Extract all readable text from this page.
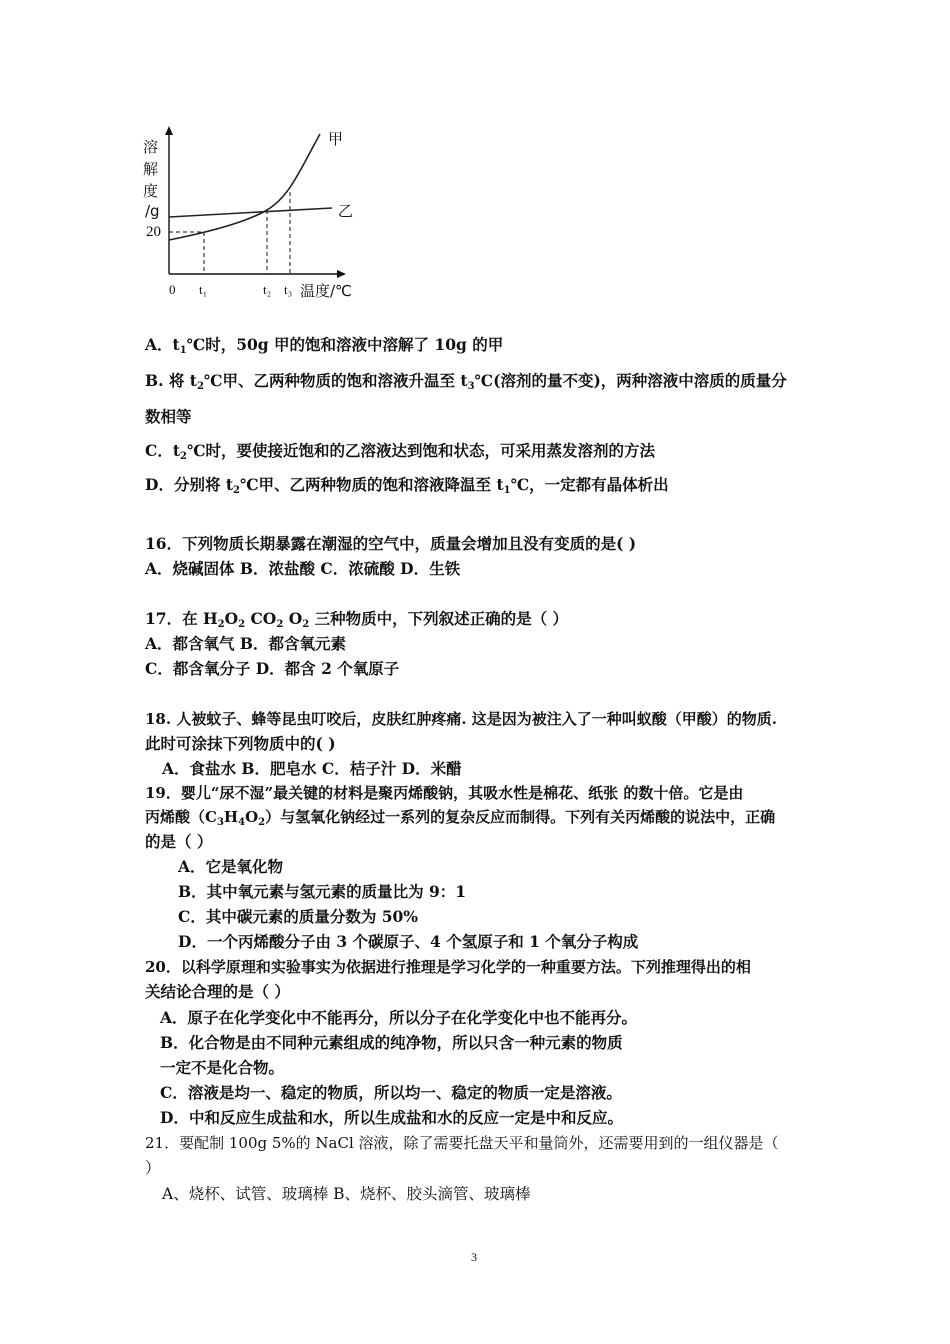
溶
解
度
/g
20
0 t₁	t₂ t₃ 温度/℃
甲
乙
A．$t_1℃$时，50g 甲的饱和溶液中溶解了 10g 的甲
B. 将 $t_2℃$甲、乙两种物质的饱和溶液升温至 $t_3℃$(溶剂的量不变)，两种溶液中溶质的质量分
数相等
C．$t_2℃$时，要使接近饱和的乙溶液达到饱和状态，可采用蒸发溶剂的方法
D．分别将 $t_2℃$甲、乙两种物质的饱和溶液降温至 $t_1℃$，一定都有晶体析出
16．下列物质长期暴露在潮湿的空气中，质量会增加且没有变质的是( )
A．烧碱固体 B．浓盐酸 C．浓硫酸 D．生铁
17．在 $H_2O_2$ $CO_2$ $O_2$ 三种物质中，下列叙述正确的是（ ）
A．都含氧气 B．都含氧元素
C．都含氧分子 D．都含 2 个氧原子
18. 人被蚊子、蜂等昆虫叮咬后，皮肤红肿疼痛. 这是因为被注入了一种叫蚁酸（甲酸）的物质.
此时可涂抹下列物质中的( )
A．食盐水 B．肥皂水 C．桔子汁 D．米醋
19．婴儿“尿不湿”最关键的材料是聚丙烯酸钠，其吸水性是棉花、纸张 的数十倍。它是由
丙烯酸$(C_3H_4O_2)$与氢氧化钠经过一系列的复杂反应而制得。下列有关丙烯酸的说法中，正确
的是（ ）
A．它是氧化物
B．其中氧元素与氢元素的质量比为 9：1
C．其中碳元素的质量分数为 50%
D．一个丙烯酸分子由 3 个碳原子、4 个氢原子和 1 个氧分子构成
20．以科学原理和实验事实为依据进行推理是学习化学的一种重要方法。下列推理得出的相
关结论合理的是（ ）
A．原子在化学变化中不能再分，所以分子在化学变化中也不能再分。
B．化合物是由不同种元素组成的纯净物，所以只含一种元素的物质
一定不是化合物。
C．溶液是均一、稳定的物质，所以均一、稳定的物质一定是溶液。
D．中和反应生成盐和水，所以生成盐和水的反应一定是中和反应。
21．要配制 100g 5%的 NaCl 溶液，除了需要托盘天平和量筒外，还需要用到的一组仪器是（
）
A、烧杯、试管、玻璃棒 B、烧杯、胶头滴管、玻璃棒
3
